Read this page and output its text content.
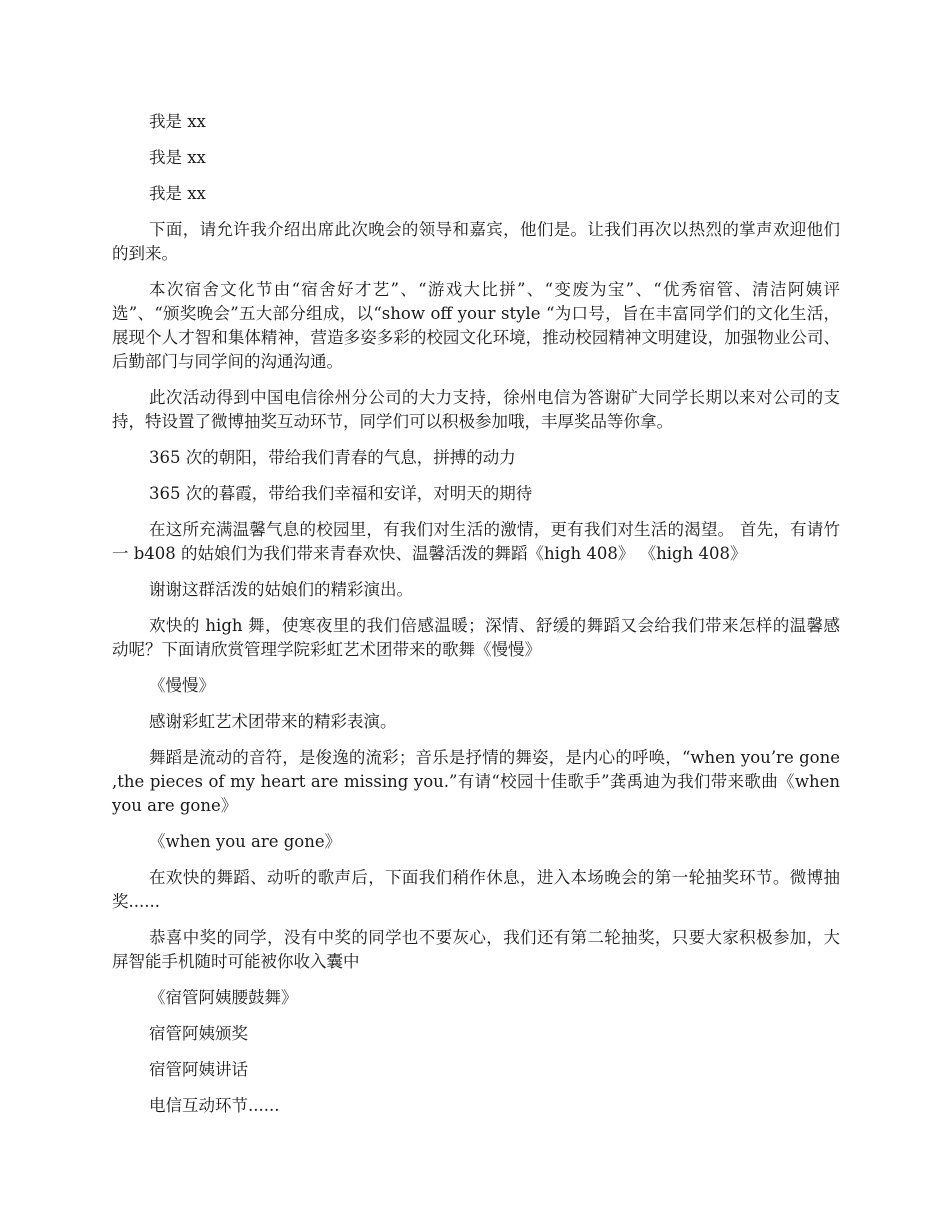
我是 xx

我是 xx

我是 xx

下面，请允许我介绍出席此次晚会的领导和嘉宾，他们是。让我们再次以热烈的掌声欢迎他们的到来。

本次宿舍文化节由“宿舍好才艺”、“游戏大比拼”、“变废为宝”、“优秀宿管、清洁阿姨评选”、“颁奖晚会”五大部分组成，以“show off your style “为口号，旨在丰富同学们的文化生活，展现个人才智和集体精神，营造多姿多彩的校园文化环境，推动校园精神文明建设，加强物业公司、后勤部门与同学间的沟通沟通。

此次活动得到中国电信徐州分公司的大力支持，徐州电信为答谢矿大同学长期以来对公司的支持，特设置了微博抽奖互动环节，同学们可以积极参加哦，丰厚奖品等你拿。

365 次的朝阳，带给我们青春的气息，拼搏的动力

365 次的暮霞，带给我们幸福和安详，对明天的期待

在这所充满温馨气息的校园里，有我们对生活的激情，更有我们对生活的渴望。 首先，有请竹一 b408 的姑娘们为我们带来青春欢快、温馨活泼的舞蹈《high 408》 《high 408》

谢谢这群活泼的姑娘们的精彩演出。

欢快的 high 舞，使寒夜里的我们倍感温暖；深情、舒缓的舞蹈又会给我们带来怎样的温馨感动呢？下面请欣赏管理学院彩虹艺术团带来的歌舞《慢慢》

《慢慢》

感谢彩虹艺术团带来的精彩表演。

舞蹈是流动的音符，是俊逸的流彩；音乐是抒情的舞姿，是内心的呼唤，“when you’re gone ,the pieces of my heart are missing you.”有请“校园十佳歌手”龚禹迪为我们带来歌曲《when you are gone》

《when you are gone》

在欢快的舞蹈、动听的歌声后，下面我们稍作休息，进入本场晚会的第一轮抽奖环节。微博抽奖......

恭喜中奖的同学，没有中奖的同学也不要灰心，我们还有第二轮抽奖，只要大家积极参加，大屏智能手机随时可能被你收入囊中

《宿管阿姨腰鼓舞》

宿管阿姨颁奖

宿管阿姨讲话

电信互动环节......
